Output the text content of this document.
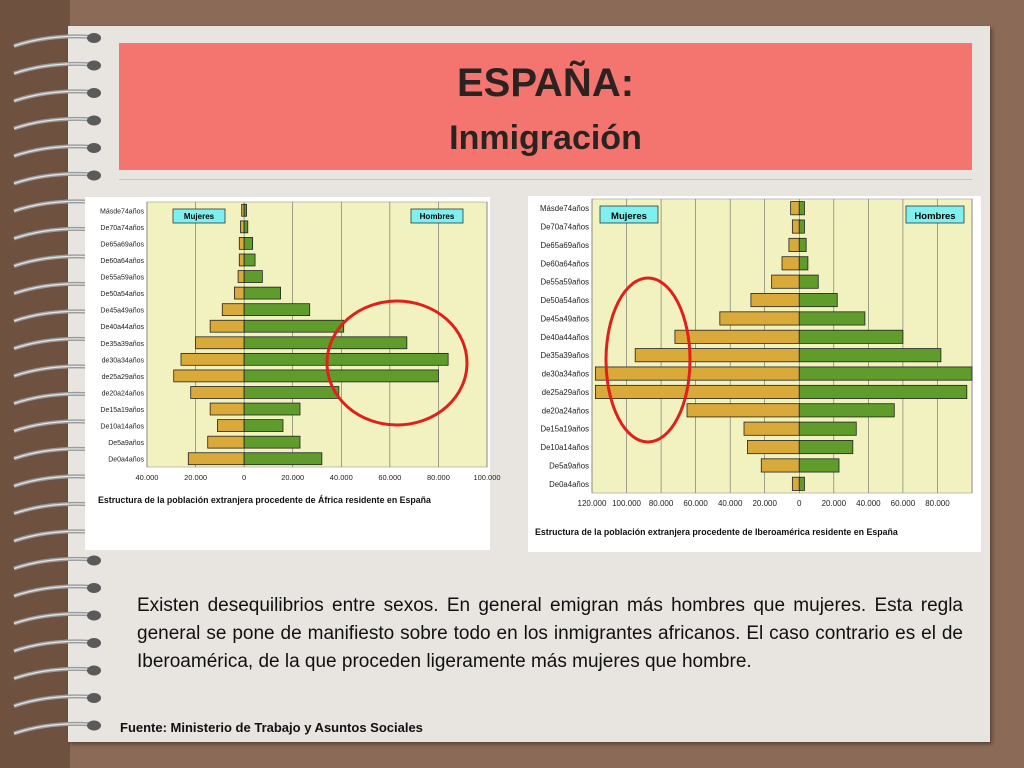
ESPAÑA:
Inmigración
40.000	20.000	0	20.000	40.000	60.000	80.000	100.000
Másde74años
De70a74años
De65a69años
De60a64años
De55a59años
De50a54años
De45a49años
De40a44años
De35a39años
de30a34años
de25a29años
de20a24años
De15a19años
De10a14años
De5a9años
De0a4años
Mujeres	Hombres
Estructura de la población extranjera procedente de África residente en España	120.000 100.000 80.000 60.000 40.000 20.000	0	20.000 40.000 60.000 80.000
Másde74años
De70a74años
De65a69años
De60a64años
De55a59años
De50a54años
De45a49años
De40a44años
De35a39años
de30a34años
de25a29años
de20a24años
De15a19años
De10a14años
De5a9años
De0a4años
Mujeres	Hombres
Estructura de la población extranjera procedente de Iberoamérica residente en España
Existen desequilibrios entre sexos. En general emigran más hombres que mujeres. Esta regla general se pone de manifiesto sobre todo en los inmigrantes africanos. El caso contrario es el de Iberoamérica, de la que proceden ligeramente más mujeres que hombre.
Fuente: Ministerio de Trabajo y Asuntos Sociales
